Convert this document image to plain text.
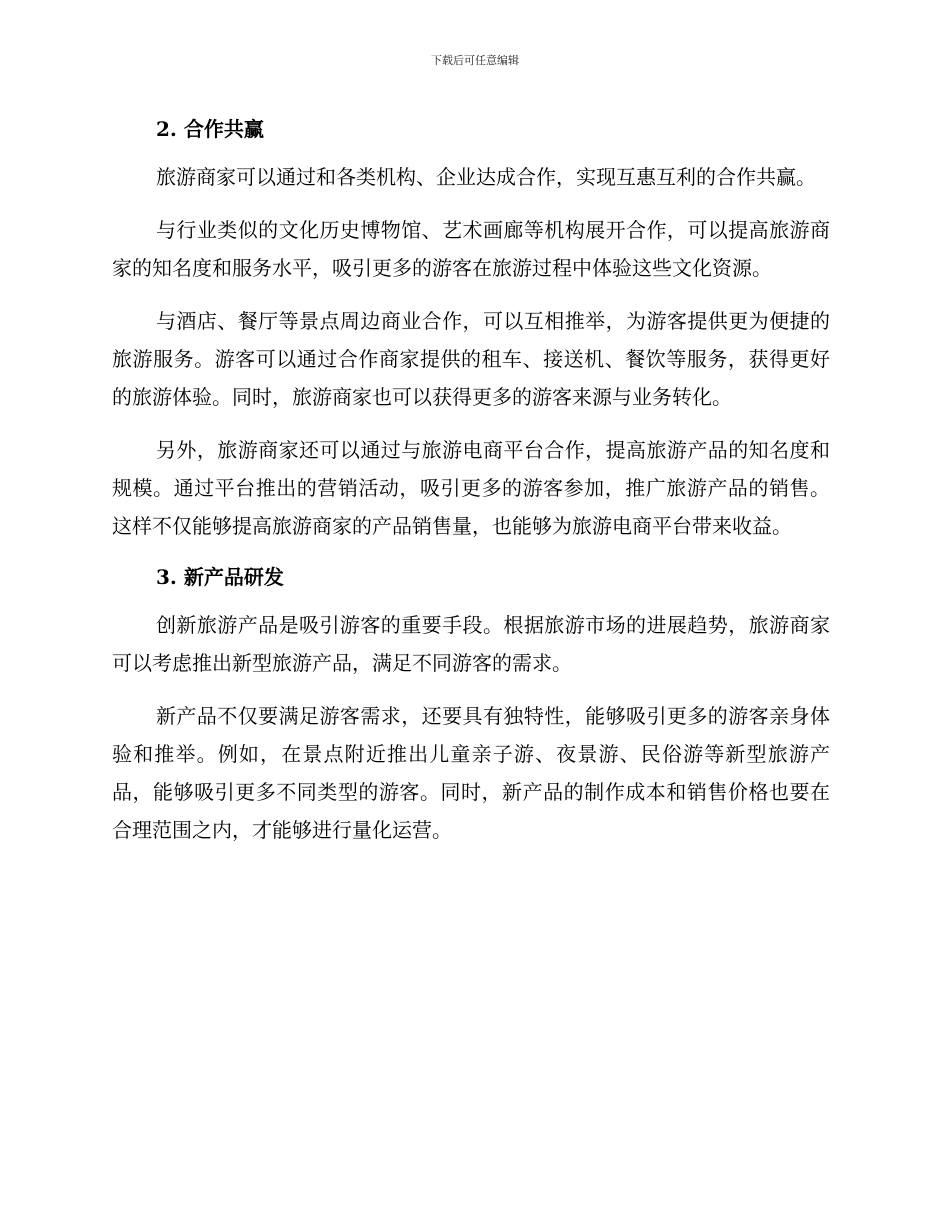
下载后可任意编辑
2. 合作共赢

旅游商家可以通过和各类机构、企业达成合作，实现互惠互利的合作共赢。

与行业类似的文化历史博物馆、艺术画廊等机构展开合作，可以提高旅游商家的知名度和服务水平，吸引更多的游客在旅游过程中体验这些文化资源。

与酒店、餐厅等景点周边商业合作，可以互相推举，为游客提供更为便捷的旅游服务。游客可以通过合作商家提供的租车、接送机、餐饮等服务，获得更好的旅游体验。同时，旅游商家也可以获得更多的游客来源与业务转化。

另外，旅游商家还可以通过与旅游电商平台合作，提高旅游产品的知名度和规模。通过平台推出的营销活动，吸引更多的游客参加，推广旅游产品的销售。这样不仅能够提高旅游商家的产品销售量，也能够为旅游电商平台带来收益。

3. 新产品研发

创新旅游产品是吸引游客的重要手段。根据旅游市场的进展趋势，旅游商家可以考虑推出新型旅游产品，满足不同游客的需求。

新产品不仅要满足游客需求，还要具有独特性，能够吸引更多的游客亲身体验和推举。例如，在景点附近推出儿童亲子游、夜景游、民俗游等新型旅游产品，能够吸引更多不同类型的游客。同时，新产品的制作成本和销售价格也要在合理范围之内，才能够进行量化运营。
